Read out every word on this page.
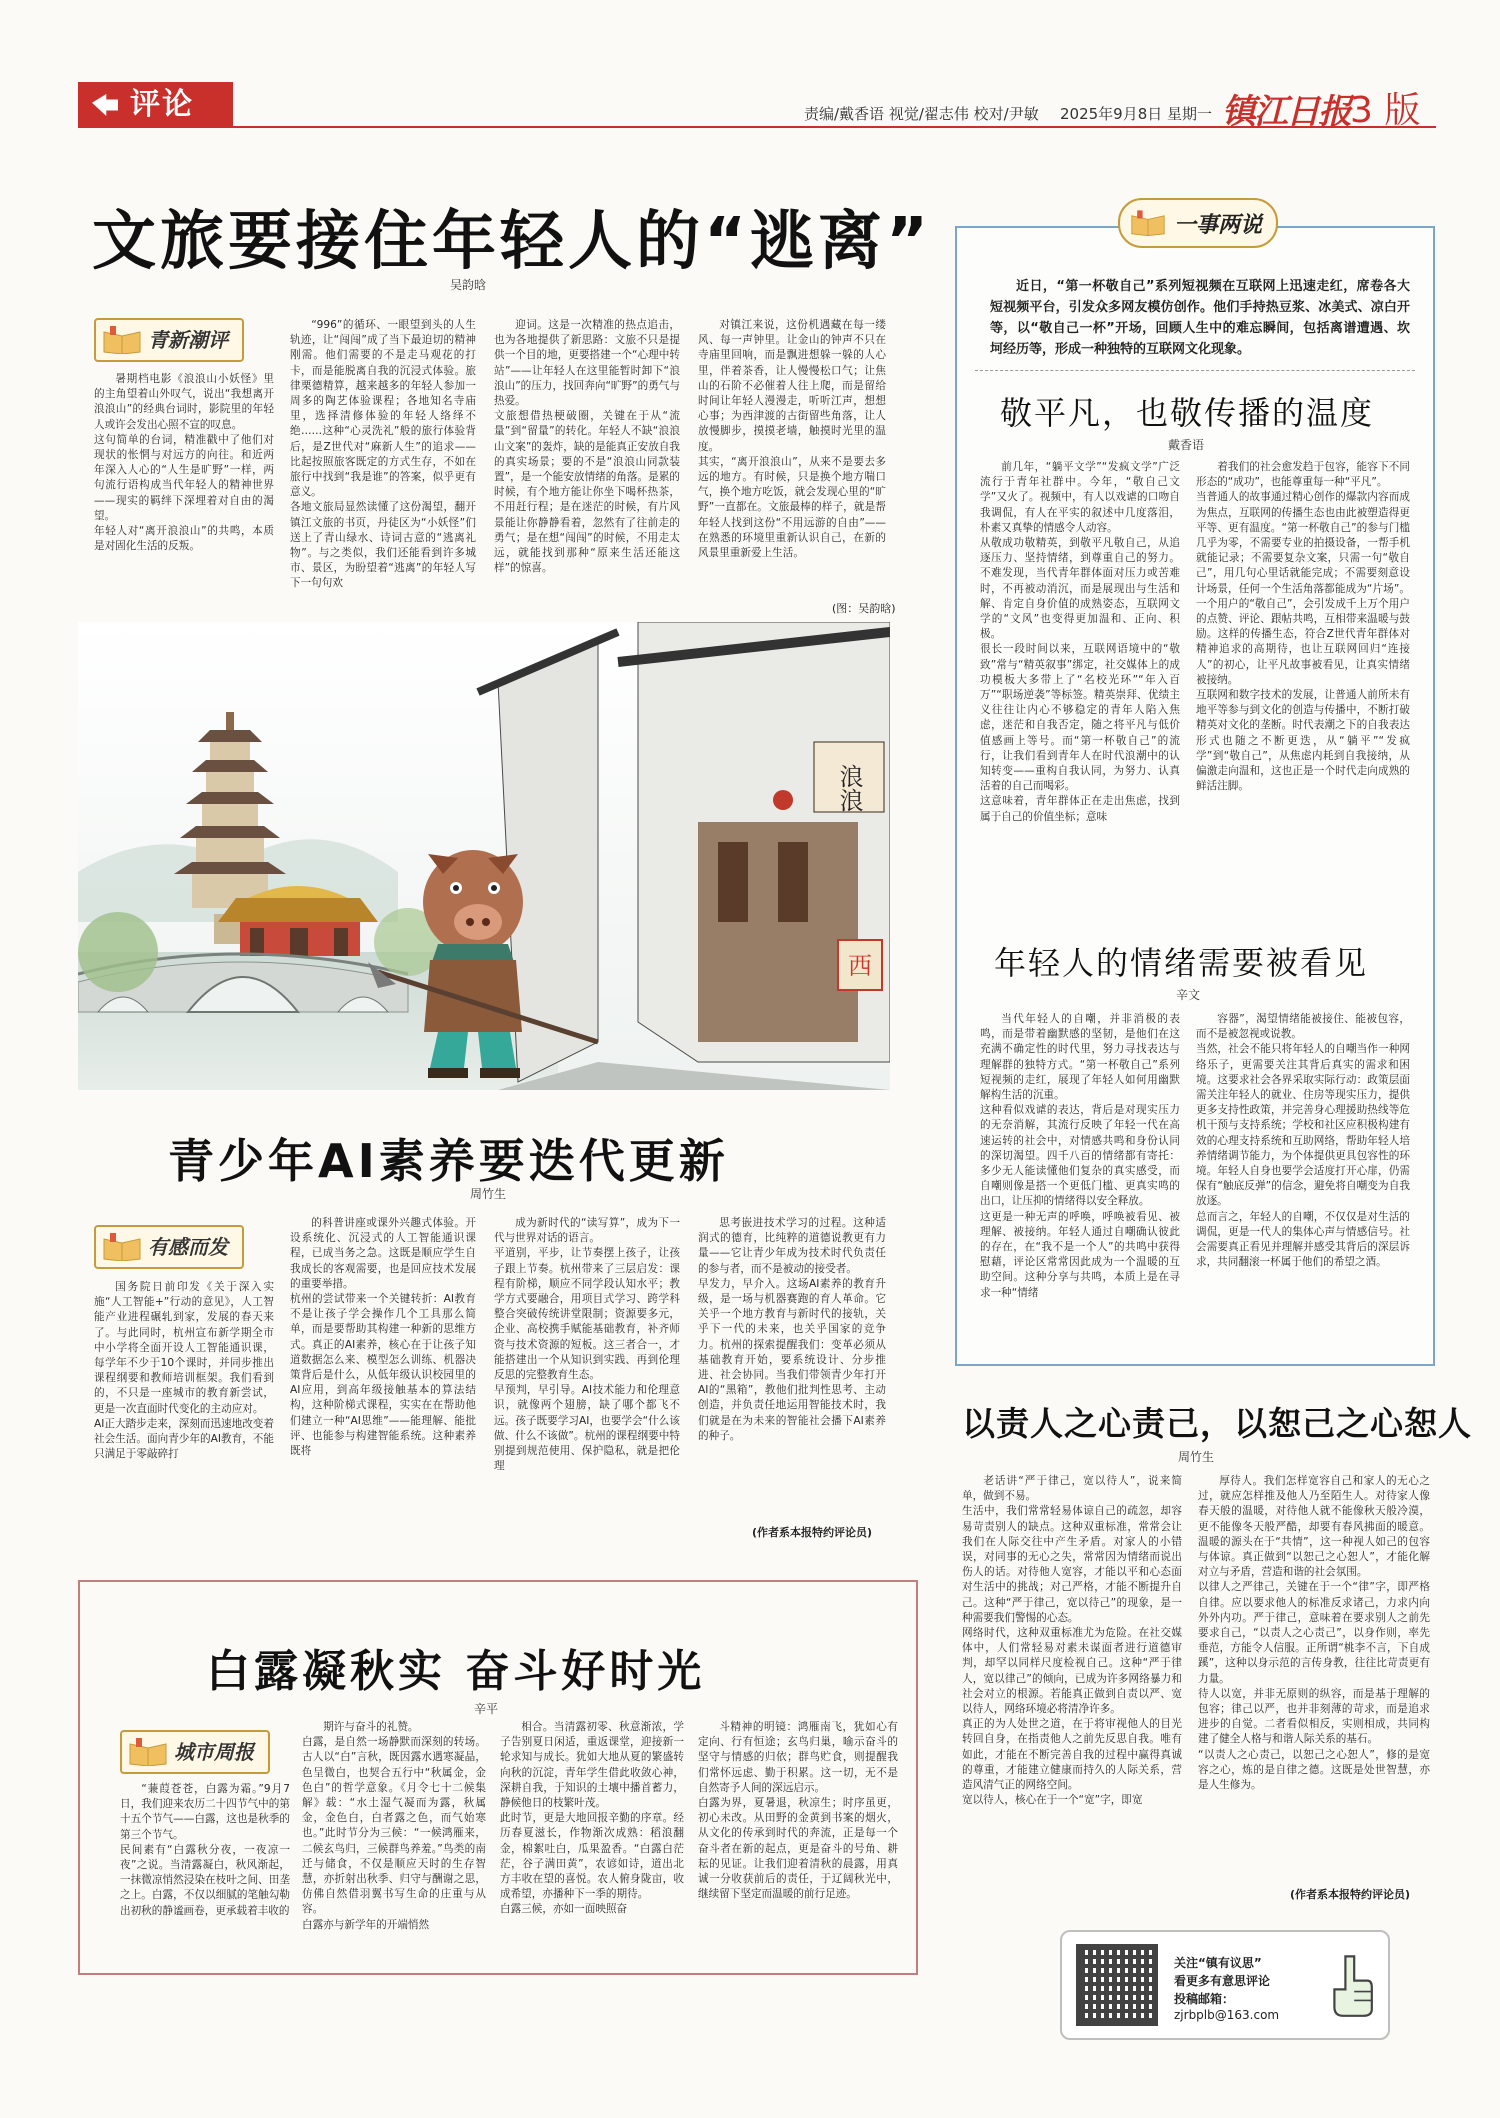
评论	责编/戴香语 视觉/翟志伟 校对/尹敏 2025年9月8日 星期一 镇江日报 3 版
文旅要接住年轻人的“逃离”
吴韵晗
青新潮评
暑期档电影《浪浪山小妖怪》里的主角望着山外叹气，说出“我想离开浪浪山”的经典台词时，影院里的年轻人或许会发出心照不宣的叹息。
这句简单的台词，精准戳中了他们对现状的怅惘与对远方的向往。和近两年深入人心的“人生是旷野”一样，两句流行语构成当代年轻人的精神世界——现实的羁绊下深埋着对自由的渴望。
年轻人对“离开浪浪山”的共鸣，本质是对固化生活的反叛。
“996”的循环、一眼望到头的人生轨迹，让“闯闯”成了当下最迫切的精神刚需。他们需要的不是走马观花的打卡，而是能脱离自我的沉浸式体验。旅律栗德精算，越来越多的年轻人参加一周多的陶艺体验课程；各地知名寺庙里，选择清修体验的年轻人络绎不绝……这种“心灵洗礼”般的旅行体验背后，是Z世代对“麻新人生”的追求——比起按照旅客既定的方式生存，不如在旅行中找到“我是谁”的答案，似乎更有意义。
各地文旅局显然读懂了这份渴望，翻开镇江文旅的书页，丹徒区为“小妖怪”们送上了青山绿水、诗词古意的“逃离礼物”。与之类似，我们还能看到许多城市、景区，为盼望着“逃离”的年轻人写下一句句欢
迎词。这是一次精准的热点追击，也为各地提供了新思路：文旅不只是提供一个目的地，更要搭建一个“心理中转站”——让年轻人在这里能暂时卸下“浪浪山”的压力，找回奔向“旷野”的勇气与热爱。
文旅想借热梗破圈，关键在于从“流量”到“留量”的转化。年轻人不缺“浪浪山文案”的轰炸，缺的是能真正安放自我的真实场景；要的不是“浪浪山同款装置”，是一个能安放情绪的角落。是累的时候，有个地方能让你坐下喝杯热茶，不用赶行程；是在迷茫的时候，有片风景能让你静静看着，忽然有了往前走的勇气；是在想“闯闯”的时候，不用走太远，就能找到那种“原来生活还能这样”的惊喜。
对镇江来说，这份机遇藏在每一缕风、每一声钟里。让金山的钟声不只在寺庙里回响，而是飘进想躲一躲的人心里，伴着茶香，让人慢慢松口气；让焦山的石阶不必催着人往上爬，而是留给时间让年轻人漫漫走，听听江声，想想心事；为西津渡的古街留些角落，让人放慢脚步，摸摸老墙，触摸时光里的温度。
其实，“离开浪浪山”，从来不是要去多远的地方。有时候，只是换个地方喘口气，换个地方吃饭，就会发现心里的“旷野”一直都在。文旅最棒的样子，就是帮年轻人找到这份“不用远游的自由”——在熟悉的环境里重新认识自己，在新的风景里重新爱上生活。
(图：吴韵晗)
浪浪
西
青少年AI素养要迭代更新
周竹生
有感而发
国务院日前印发《关于深入实施“人工智能+”行动的意见》，人工智能产业进程碾轧到家，发展的春天来了。与此同时，杭州宣布新学期全市中小学将全面开设人工智能通识课，每学年不少于10个课时，并同步推出课程纲要和教师培训框架。我们看到的，不只是一座城市的教育新尝试，更是一次直面时代变化的主动应对。
AI正大踏步走来，深刻而迅速地改变着社会生活。面向青少年的AI教育，不能只满足于零敲碎打
的科普讲座或课外兴趣式体验。开设系统化、沉浸式的人工智能通识课程，已成当务之急。这既是顺应学生自我成长的客观需要，也是回应技术发展的重要举措。
杭州的尝试带来一个关键转折：AI教育不是让孩子学会操作几个工具那么简单，而是要帮助其构建一种新的思维方式。真正的AI素养，核心在于让孩子知道数据怎么来、模型怎么训练、机器决策背后是什么，从低年级认识校园里的AI应用，到高年级接触基本的算法结构，这种阶梯式课程，实实在在帮助他们建立一种“AI思维”——能理解、能批评、也能参与构建智能系统。这种素养既将
成为新时代的“读写算”，成为下一代与世界对话的语言。
平道别，平步，让节奏摆上孩子，让孩子跟上节奏。杭州带来了三层启发：课程有阶梯，顺应不同学段认知水平；教学方式要融合，用项目式学习、跨学科整合突破传统讲堂限制；资源要多元，企业、高校携手赋能基础教育，补齐师资与技术资源的短板。这三者合一，才能搭建出一个从知识到实践、再到伦理反思的完整教育生态。
早预判，早引导。AI技术能力和伦理意识，就像两个翅膀，缺了哪个都飞不远。孩子既要学习AI，也要学会“什么该做、什么不该做”。杭州的课程纲要中特别提到规范使用、保护隐私，就是把伦理
思考嵌进技术学习的过程。这种适润式的德育，比纯粹的道德说教更有力量——它让青少年成为技术时代负责任的参与者，而不是被动的接受者。
早发力，早介入。这场AI素养的教育升级，是一场与机器赛跑的育人革命。它关乎一个地方教育与新时代的接轨，关乎下一代的未来，也关乎国家的竞争力。杭州的探索提醒我们：变革必须从基础教育开始，要系统设计、分步推进、社会协同。当我们带领青少年打开AI的“黑箱”，教他们批判性思考、主动创造，并负责任地运用智能技术时，我们就是在为未来的智能社会播下AI素养的种子。
(作者系本报特约评论员)
白露凝秋实 奋斗好时光
辛平
城市周报
“蒹葭苍苍，白露为霜。”9月7日，我们迎来农历二十四节气中的第十五个节气——白露，这也是秋季的第三个节气。
民间素有“白露秋分夜，一夜凉一夜”之说。当清露凝白，秋风渐起，一抹微凉悄然浸染在枝叶之间、田垄之上。白露，不仅以细腻的笔触勾勒出初秋的静谧画卷，更承载着丰收的
期许与奋斗的礼赞。
白露，是自然一场静默而深刻的转场。古人以“白”言秋，既因露水遇寒凝晶，色呈微白，也契合五行中“秋属金，金色白”的哲学意象。《月令七十二候集解》载：“水土湿气凝而为露，秋属金，金色白，白者露之色，而气始寒也。”此时节分为三候：“一候鸿雁来，二候玄鸟归，三候群鸟养羞。”鸟类的南迁与储食，不仅是顺应天时的生存智慧，亦折射出秋季、归守与酬谢之思，仿佛自然借羽翼书写生命的庄重与从容。
白露亦与新学年的开端悄然
相合。当清露初零、秋意渐浓，学子告别夏日闲适，重返课堂，迎接新一轮求知与成长。犹如大地从夏的繁盛转向秋的沉淀，青年学生借此收敛心神，深耕自我，于知识的土壤中播首蓄力，静候他日的枝繁叶茂。
此时节，更是大地回报辛勤的序章。经历春夏滋长，作物渐次成熟：稻浪翻金，棉絮吐白，瓜果盈香。“白露白茫茫，谷子满田黄”，农谚如诗，道出北方丰收在望的喜悦。农人俯身陇亩，收成希望，亦播种下一季的期待。
白露三候，亦如一面映照奋
斗精神的明镜：鸿雁南飞，犹如心有定向、行有恒途；玄鸟归巢，喻示奋斗的坚守与情感的归依；群鸟贮食，则提醒我们常怀远虑、勤于积累。这一切，无不是自然寄予人间的深远启示。
白露为界，夏暑退，秋凉生；时序虽更，初心未改。从田野的金黄到书案的烟火，从文化的传承到时代的奔流，正是每一个奋斗者在新的起点，更是奋斗的号角、耕耘的见证。让我们迎着清秋的晨露，用真诚一分收获前后的责任，于辽阔秋光中，继续留下坚定而温暖的前行足迹。
一事两说
近日，“第一杯敬自己”系列短视频在互联网上迅速走红，席卷各大短视频平台，引发众多网友模仿创作。他们手持热豆浆、冰美式、凉白开等，以“敬自己一杯”开场，回顾人生中的难忘瞬间，包括离谱遭遇、坎坷经历等，形成一种独特的互联网文化现象。
敬平凡，也敬传播的温度
戴香语
前几年，“躺平文学”“发疯文学”广泛流行于青年社群中。今年，“敬自己文学”又火了。视频中，有人以戏谑的口吻自我调侃，有人在平实的叙述中几度落泪，朴素又真挚的情感令人动容。
从敬成功敬精英，到敬平凡敬自己，从追逐压力、坚持情绪，到尊重自己的努力。不难发现，当代青年群体面对压力或苦难时，不再被动消沉，而是展现出与生活和解、肯定自身价值的成熟姿态，互联网文学的“文风”也变得更加温和、正向、积极。
很长一段时间以来，互联网语境中的“敬致”常与“精英叙事”绑定，社交媒体上的成功模板大多带上了“名校光环”“年入百万”“职场逆袭”等标签。精英崇拜、优绩主义往往让内心不够稳定的青年人陷入焦虑，迷茫和自我否定，随之将平凡与低价值感画上等号。而“第一杯敬自己”的流行，让我们看到青年人在时代浪潮中的认知转变——重构自我认同，为努力、认真活着的自己而喝彩。
这意味着，青年群体正在走出焦虑，找到属于自己的价值坐标；意味
着我们的社会愈发趋于包容，能容下不同形态的“成功”，也能尊重每一种“平凡”。
当普通人的故事通过精心创作的爆款内容而成为焦点，互联网的传播生态也由此被塑造得更平等、更有温度。“第一杯敬自己”的参与门槛几乎为零，不需要专业的拍摄设备，一帮手机就能记录；不需要复杂文案，只需一句“敬自己”，用几句心里话就能完成；不需要刻意设计场景，任何一个生活角落都能成为“片场”。一个用户的“敬自己”，会引发成千上万个用户的点赞、评论、跟帖共鸣，互相带来温暖与鼓励。这样的传播生态，符合Z世代青年群体对精神追求的高期待，也让互联网回归“连接人”的初心，让平凡故事被看见，让真实情绪被接纳。
互联网和数字技术的发展，让普通人前所未有地平等参与到文化的创造与传播中，不断打破精英对文化的垄断。时代表潮之下的自我表达形式也随之不断更迭，从“躺平”“发疯学”到“敬自己”，从焦虑内耗到自我接纳，从偏激走向温和，这也正是一个时代走向成熟的鲜活注脚。
年轻人的情绪需要被看见
辛文
当代年轻人的自嘲，并非消极的表鸣，而是带着幽默感的坚韧，是他们在这充满不确定性的时代里，努力寻找表达与理解群的独特方式。“第一杯敬自己”系列短视频的走红，展现了年轻人如何用幽默解构生活的沉重。
这种看似戏谑的表达，背后是对现实压力的无奈消解，其流行反映了年轻一代在高速运转的社会中，对情感共鸣和身份认同的深切渴望。四千八百的情绪都有寄托：多少无人能读懂他们复杂的真实感受，而自嘲则像是搭一个更低门槛、更真实鸣的出口，让压抑的情绪得以安全释放。
这更是一种无声的呼唤，呼唤被看见、被理解、被接纳。年轻人通过自嘲确认彼此的存在，在“我不是一个人”的共鸣中获得慰藉，评论区常常因此成为一个温暖的互助空间。这种分享与共鸣，本质上是在寻求一种“情绪
容器”，渴望情绪能被接住、能被包容，而不是被忽视或说教。
当然，社会不能只将年轻人的自嘲当作一种网络乐子，更需要关注其背后真实的需求和困境。这要求社会各界采取实际行动：政策层面需关注年轻人的就业、住房等现实压力，提供更多支持性政策，并完善身心理援助热线等危机干预与支持系统；学校和社区应积极构建有效的心理支持系统和互助网络，帮助年轻人培养情绪调节能力，为个体提供更具包容性的环境。年轻人自身也要学会适度打开心扉，仍需保有“触底反弹”的信念，避免将自嘲变为自我放逐。
总而言之，年轻人的自嘲，不仅仅是对生活的调侃，更是一代人的集体心声与情感信号。社会需要真正看见并理解并感受其背后的深层诉求，共同翻滚一杯属于他们的希望之酒。
以责人之心责己，以恕己之心恕人
周竹生
老话讲“严于律己，宽以待人”，说来简单，做到不易。
生活中，我们常常轻易体谅自己的疏忽，却容易苛责别人的缺点。这种双重标准，常常会让我们在人际交往中产生矛盾。对家人的小错误，对同事的无心之失，常常因为情绪而说出伤人的话。对待他人宽容，才能以平和心态面对生活中的挑战；对己严格，才能不断提升自己。这种“严于律己，宽以待己”的现象，是一种需要我们警惕的心态。
网络时代，这种双重标准尤为危险。在社交媒体中，人们常轻易对素未谋面者进行道德审判，却罕以同样尺度检视自己。这种“严于律人，宽以律己”的倾向，已成为许多网络暴力和社会对立的根源。若能真正做到自责以严、宽以待人，网络环境必将清净许多。
真正的为人处世之道，在于将审视他人的目光转回自身，在指责他人之前先反思自我。唯有如此，才能在不断完善自我的过程中赢得真诚的尊重，才能建立健康而持久的人际关系，营造风清气正的网络空间。
宽以待人，核心在于一个“宽”字，即宽
厚待人。我们怎样宽容自己和家人的无心之过，就应怎样推及他人乃至陌生人。对待家人像春天般的温暖，对待他人就不能像秋天般冷漠，更不能像冬天般严酷，却要有春风拂面的暖意。温暖的源头在于“共情”，这一种视人如己的包容与体谅。真正做到“以恕己之心恕人”，才能化解对立与矛盾，营造和谐的社会氛围。
以律人之严律己，关键在于一个“律”字，即严格自律。应以要求他人的标准反求诸己，力求内向外外内功。严于律己，意味着在要求别人之前先要求自己，“以责人之心责己”，以身作则，率先垂范，方能令人信服。正所谓“桃李不言，下自成蹊”，这种以身示范的言传身教，往往比苛责更有力量。
待人以宽，并非无原则的纵容，而是基于理解的包容；律己以严，也并非刻薄的苛求，而是追求进步的自觉。二者看似相反，实则相成，共同构建了健全人格与和谐人际关系的基石。
“以责人之心责己，以恕己之心恕人”，修的是宽容之心，炼的是自律之德。这既是处世智慧，亦是人生修为。
(作者系本报特约评论员)
关注“镇有议思”
看更多有意思评论
投稿邮箱：
zjrbplb@163.com
